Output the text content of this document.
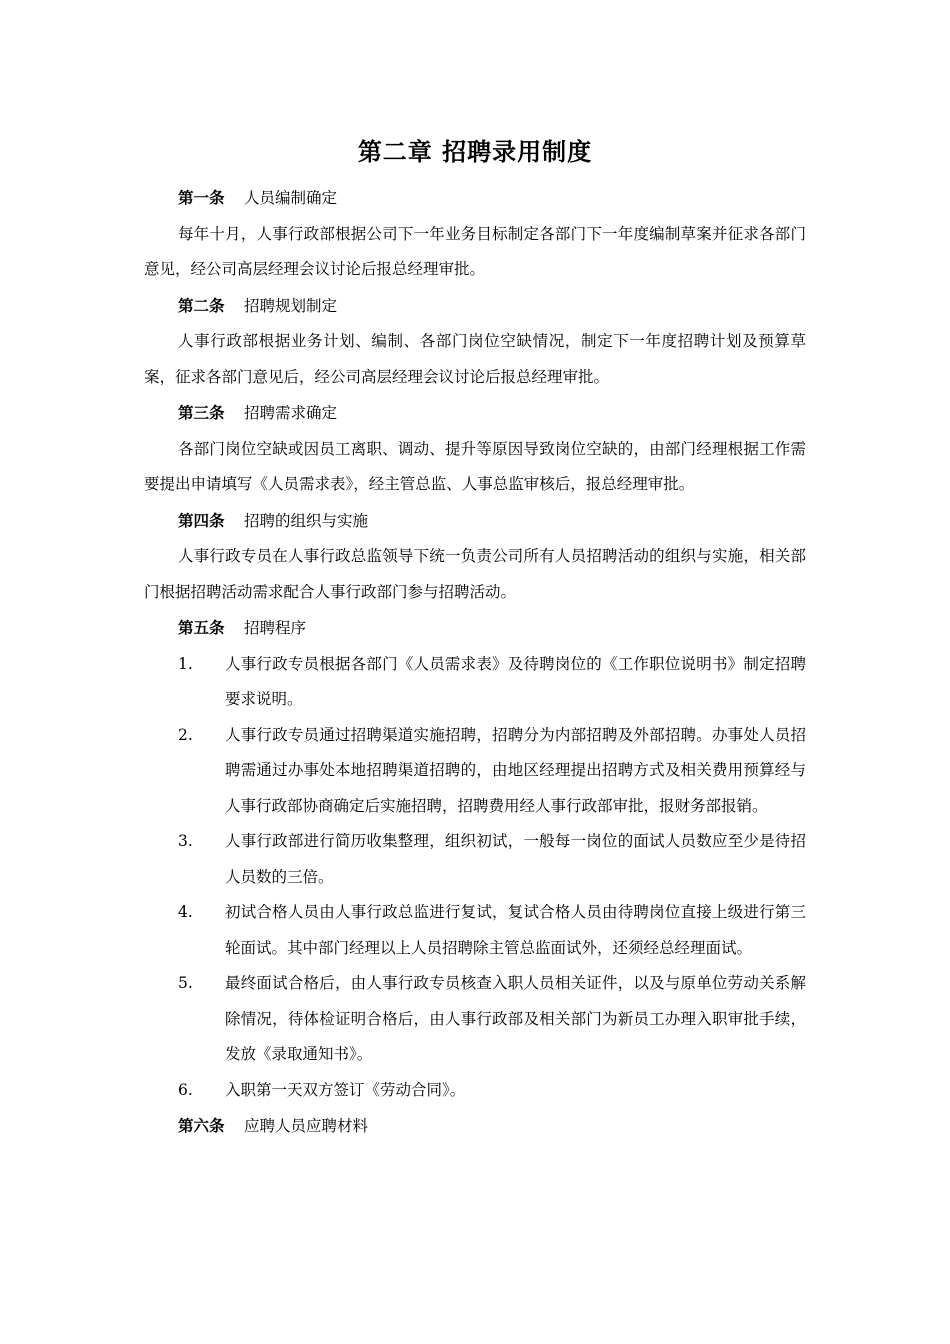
第二章 招聘录用制度
第一条 人员编制确定

每年十月，人事行政部根据公司下一年业务目标制定各部门下一年度编制草案并征求各部门意见，经公司高层经理会议讨论后报总经理审批。

第二条 招聘规划制定

人事行政部根据业务计划、编制、各部门岗位空缺情况，制定下一年度招聘计划及预算草案，征求各部门意见后，经公司高层经理会议讨论后报总经理审批。

第三条 招聘需求确定

各部门岗位空缺或因员工离职、调动、提升等原因导致岗位空缺的，由部门经理根据工作需要提出申请填写《人员需求表》，经主管总监、人事总监审核后，报总经理审批。

第四条 招聘的组织与实施

人事行政专员在人事行政总监领导下统一负责公司所有人员招聘活动的组织与实施，相关部门根据招聘活动需求配合人事行政部门参与招聘活动。

第五条 招聘程序
1. 人事行政专员根据各部门《人员需求表》及待聘岗位的《工作职位说明书》制定招聘要求说明。
2. 人事行政专员通过招聘渠道实施招聘，招聘分为内部招聘及外部招聘。办事处人员招聘需通过办事处本地招聘渠道招聘的，由地区经理提出招聘方式及相关费用预算经与人事行政部协商确定后实施招聘，招聘费用经人事行政部审批，报财务部报销。
3. 人事行政部进行简历收集整理，组织初试，一般每一岗位的面试人员数应至少是待招人员数的三倍。
4. 初试合格人员由人事行政总监进行复试，复试合格人员由待聘岗位直接上级进行第三轮面试。其中部门经理以上人员招聘除主管总监面试外，还须经总经理面试。
5. 最终面试合格后，由人事行政专员核查入职人员相关证件，以及与原单位劳动关系解除情况，待体检证明合格后，由人事行政部及相关部门为新员工办理入职审批手续，发放《录取通知书》。
6. 入职第一天双方签订《劳动合同》。
第六条 应聘人员应聘材料
